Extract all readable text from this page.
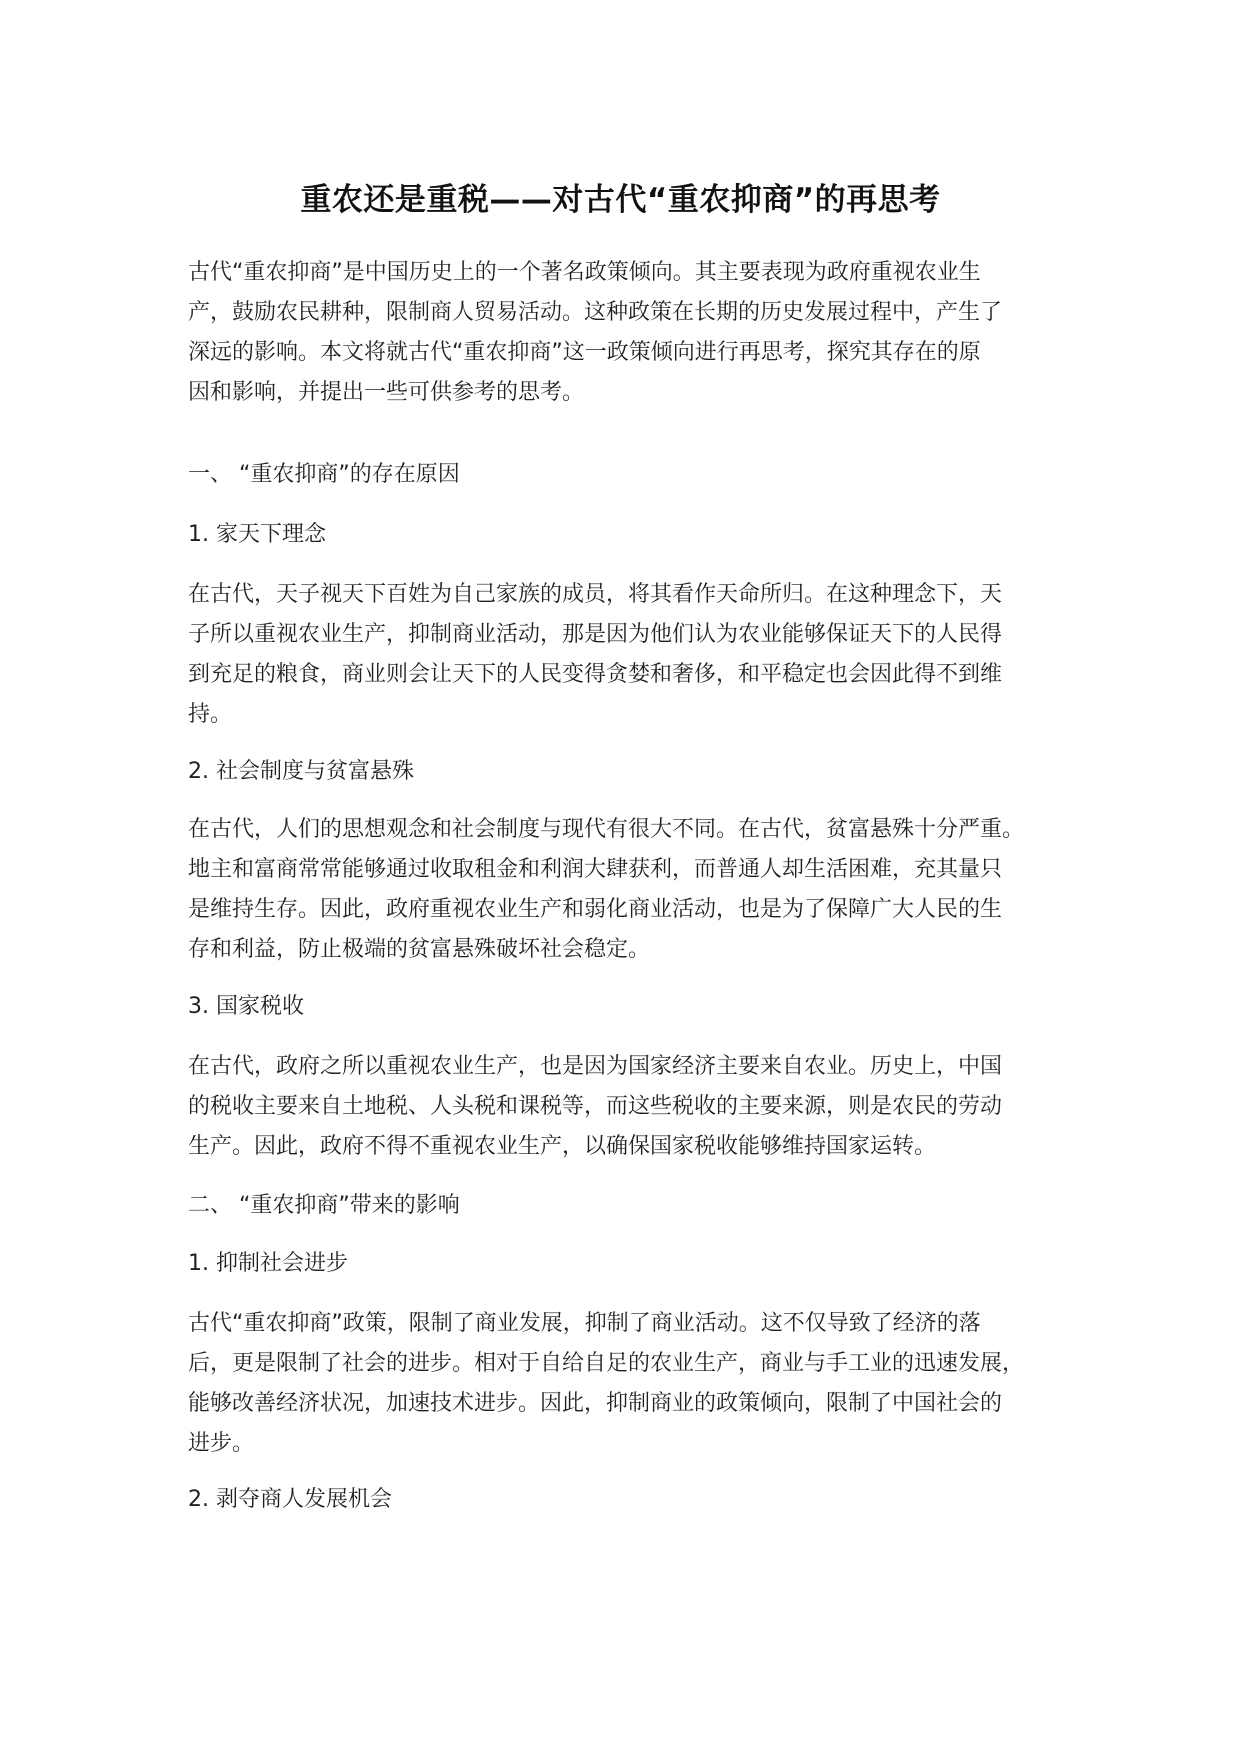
重农还是重税——对古代“重农抑商”的再思考
古代“重农抑商”是中国历史上的一个著名政策倾向。其主要表现为政府重视农业生
产，鼓励农民耕种，限制商人贸易活动。这种政策在长期的历史发展过程中，产生了
深远的影响。本文将就古代“重农抑商”这一政策倾向进行再思考，探究其存在的原
因和影响，并提出一些可供参考的思考。
一、 “重农抑商”的存在原因
1. 家天下理念
在古代，天子视天下百姓为自己家族的成员，将其看作天命所归。在这种理念下，天
子所以重视农业生产，抑制商业活动，那是因为他们认为农业能够保证天下的人民得
到充足的粮食，商业则会让天下的人民变得贪婪和奢侈，和平稳定也会因此得不到维
持。
2. 社会制度与贫富悬殊
在古代，人们的思想观念和社会制度与现代有很大不同。在古代，贫富悬殊十分严重。
地主和富商常常能够通过收取租金和利润大肆获利，而普通人却生活困难，充其量只
是维持生存。因此，政府重视农业生产和弱化商业活动，也是为了保障广大人民的生
存和利益，防止极端的贫富悬殊破坏社会稳定。
3. 国家税收
在古代，政府之所以重视农业生产，也是因为国家经济主要来自农业。历史上，中国
的税收主要来自土地税、人头税和课税等，而这些税收的主要来源，则是农民的劳动
生产。因此，政府不得不重视农业生产，以确保国家税收能够维持国家运转。
二、 “重农抑商”带来的影响
1. 抑制社会进步
古代“重农抑商”政策，限制了商业发展，抑制了商业活动。这不仅导致了经济的落
后，更是限制了社会的进步。相对于自给自足的农业生产，商业与手工业的迅速发展，
能够改善经济状况，加速技术进步。因此，抑制商业的政策倾向，限制了中国社会的
进步。
2. 剥夺商人发展机会
